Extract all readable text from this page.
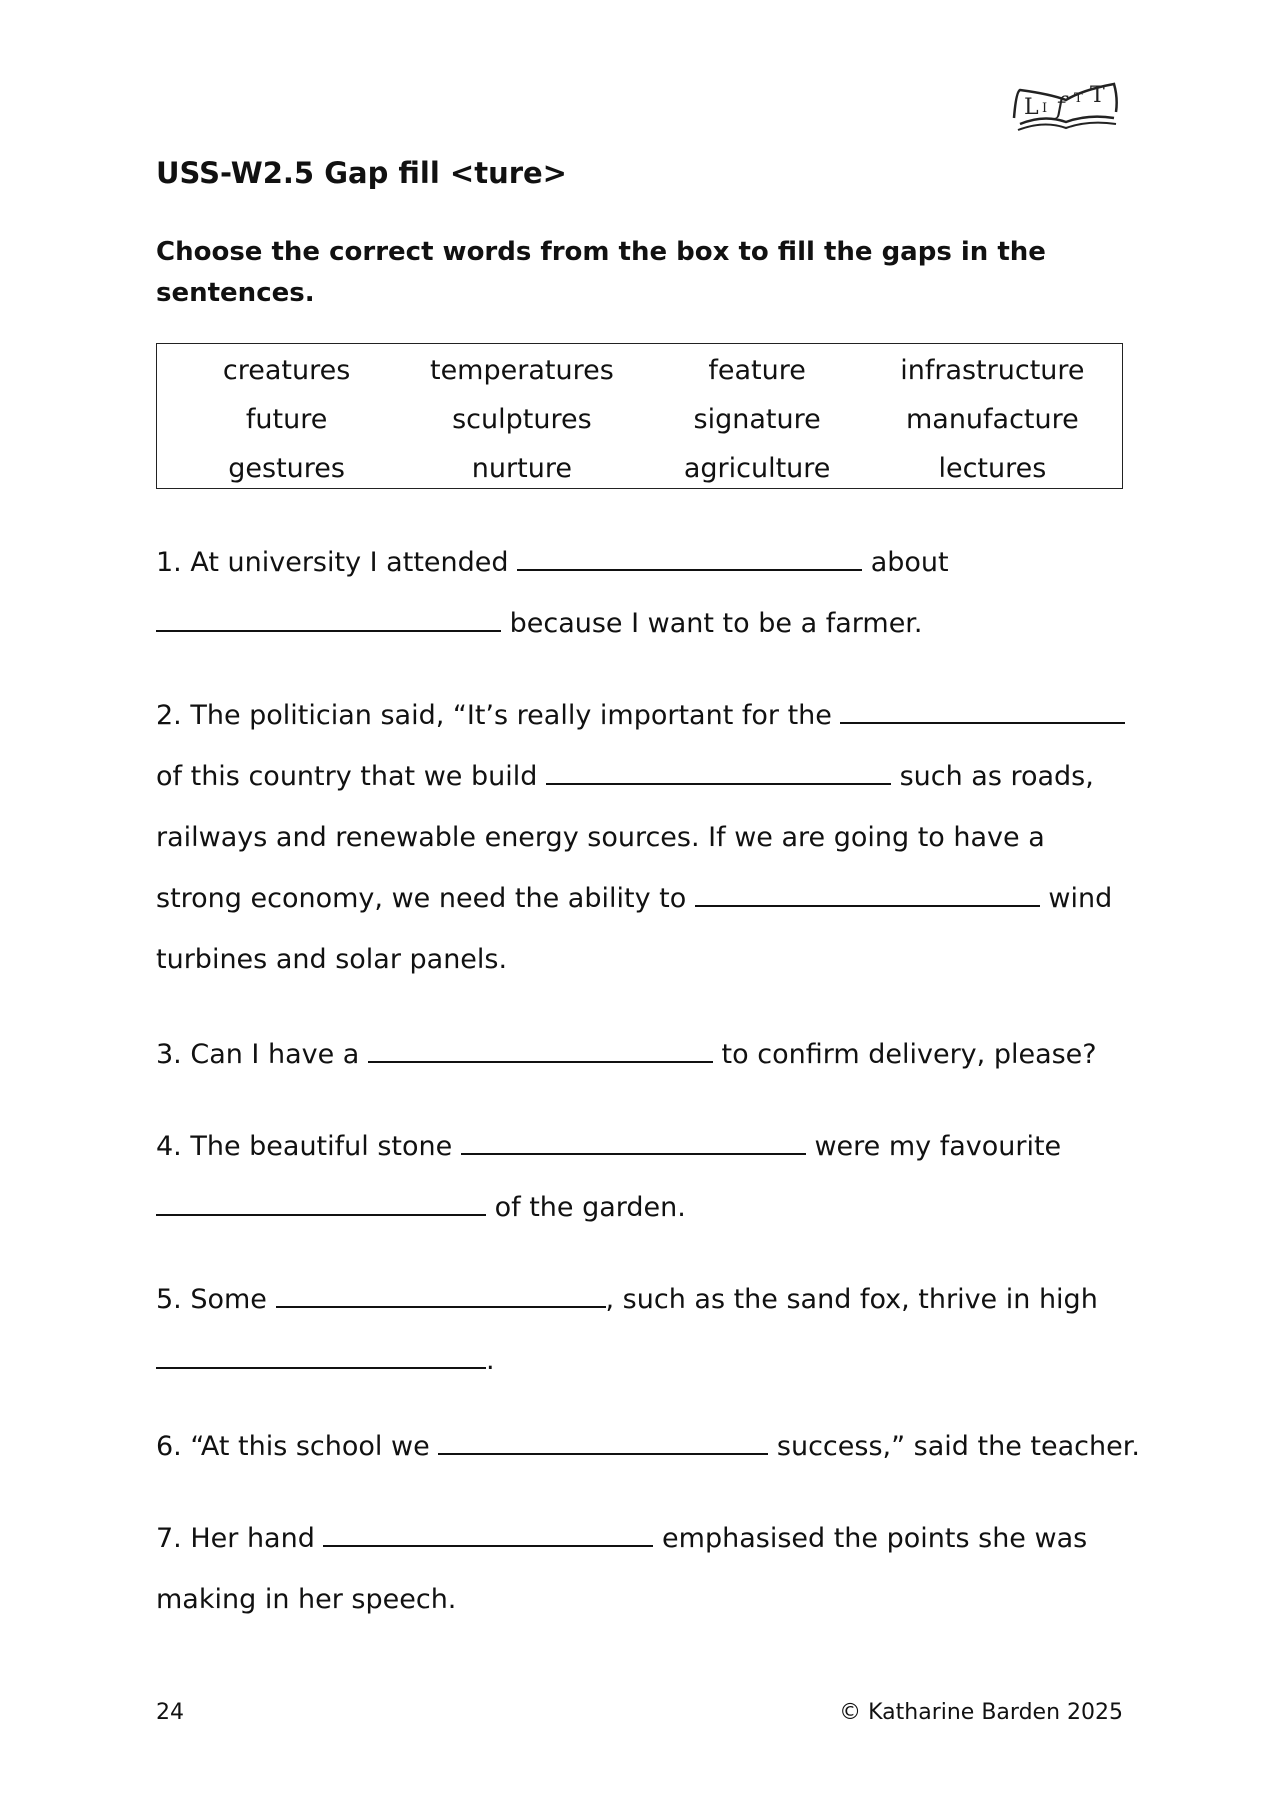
L I f T T
USS-W2.5 Gap fill <ture>

Choose the correct words from the box to fill the gaps in the sentences.

creatures	temperatures	feature	infrastructure
future	sculptures	signature	manufacture
gestures	nurture	agriculture	lectures
1. At university I attended	about
because I want to be a farmer.
2. The politician said, “It’s really important for the
of this country that we build	such as roads,
railways and renewable energy sources. If we are going to have a
strong economy, we need the ability to	wind
turbines and solar panels.
3. Can I have a	to confirm delivery, please?
4. The beautiful stone	were my favourite
of the garden.
5. Some	, such as the sand fox, thrive in high
.
6. “At this school we	success,” said the teacher.
7. Her hand	emphasised the points she was
making in her speech.
24	© Katharine Barden 2025
